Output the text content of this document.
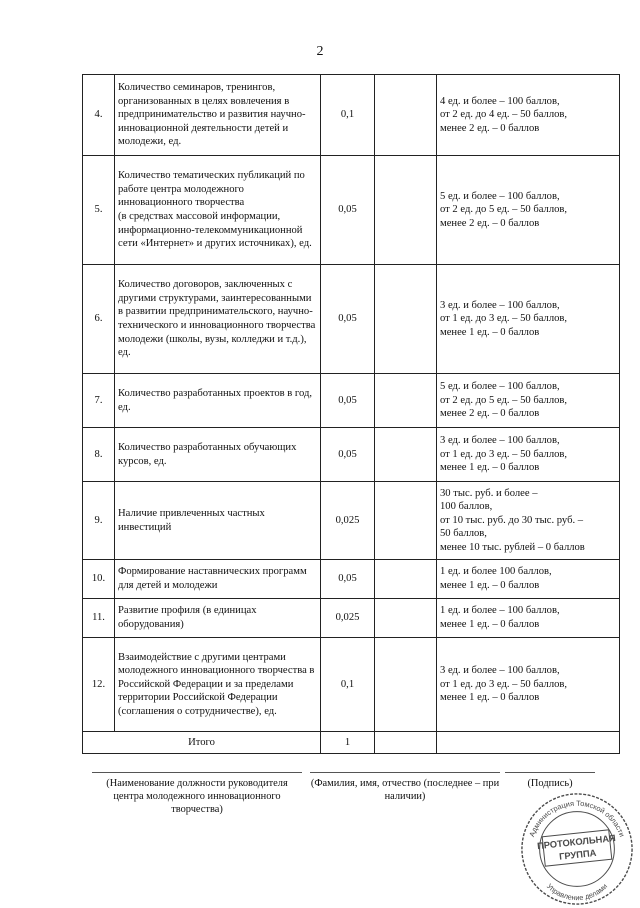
2
4.	Количество семинаров, тренингов, организованных в целях вовлечения в предпринимательство и развития научно-инновационной деятельности детей и молодежи, ед.	0,1		4 ед. и более – 100 баллов,
от 2 ед. до 4 ед. – 50 баллов,
менее 2 ед. – 0 баллов
5.	Количество тематических публикаций по работе центра молодежного инновационного творчества
(в средствах массовой информации, информационно-телекоммуникационной сети «Интернет» и других источниках), ед.	0,05		5 ед. и более – 100 баллов,
от 2 ед. до 5 ед. – 50 баллов,
менее 2 ед. – 0 баллов
6.	Количество договоров, заключенных с другими структурами, заинтересованными в развитии предпринимательского, научно-технического и инновационного творчества молодежи (школы, вузы, колледжи и т.д.), ед.	0,05		3 ед. и более – 100 баллов,
от 1 ед. до 3 ед. – 50 баллов,
менее 1 ед. – 0 баллов
7.	Количество разработанных проектов в год, ед.	0,05		5 ед. и более – 100 баллов,
от 2 ед. до 5 ед. – 50 баллов,
менее 2 ед. – 0 баллов
8.	Количество разработанных обучающих курсов, ед.	0,05		3 ед. и более – 100 баллов,
от 1 ед. до 3 ед. – 50 баллов,
менее 1 ед. – 0 баллов
9.	Наличие привлеченных частных инвестиций	0,025		30 тыс. руб. и более –
100 баллов,
от 10 тыс. руб. до 30 тыс. руб. –
50 баллов,
менее 10 тыс. рублей – 0 баллов
10.	Формирование наставнических программ для детей и молодежи	0,05		1 ед. и более 100 баллов,
менее 1 ед. – 0 баллов
11.	Развитие профиля (в единицах оборудования)	0,025		1 ед. и более – 100 баллов,
менее 1 ед. – 0 баллов
12.	Взаимодействие с другими центрами молодежного инновационного творчества в Российской Федерации и за пределами территории Российской Федерации (соглашения о сотрудничестве), ед.	0,1		3 ед. и более – 100 баллов,
от 1 ед. до 3 ед. – 50 баллов,
менее 1 ед. – 0 баллов
Итого		1		
(Наименование должности руководителя центра молодежного инновационного творчества)
(Фамилия, имя, отчество (последнее – при наличии)
(Подпись)
Администрация Томской области
Управление делами
ПРОТОКОЛЬНАЯ
ГРУППА
